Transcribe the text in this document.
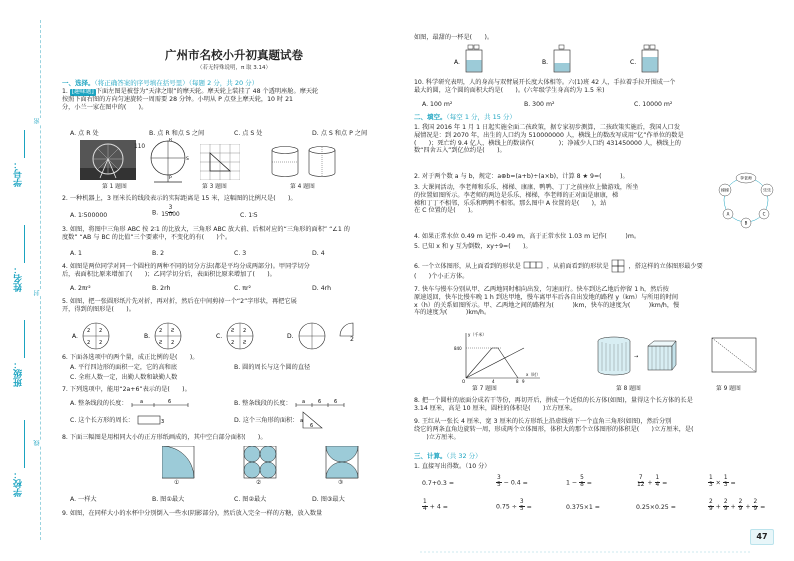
学号：
姓名：
班级：
学校：
密
封
线
广州市名校小升初真题试卷
（若无特殊说明，π 取 3.14）
一、选择。（将正确答案的序号填在括号里）（每题 2 分，共 20 分）
1. [趣味题] 下面左图是被誉为“天津之眼”的摩天轮。摩天轮上装挂了 48 个透明座舱。摩天轮
按照下面右图的方向匀速旋转一周需要 28 分钟。小明从 P 点登上摩天轮，10 时 21
分，小兰一家在图中的(　　)。
A. 点 R 处	B. 点 R 和点 S 之间	C. 点 S 处	D. 点 S 和点 P 之间
110
R
S
P
第 1 题图	第 3 题图	第 4 题图
2. 一种机器上，3 厘米长的线段表示的实际距离是 15 米，这幅图的比例尺是(　　)。
A. 1∶500000	B. $\frac{3}{15000}$	C. 1∶5
3. 如图，将图中三角形 ABC 按 2∶1 的比放大，三角形 ABC 放大前、后相对应的“三角形的面积” “∠1 的
度数” “AB 与 BC 的比值”三个要素中，不变化的有(　　)个。
A. 1	B. 2	C. 3	D. 4
4. 如图是两位同学对同一个圆柱的两种不同的切分方法(都是平均分成两部分)。甲同学切分
后，表面积比原来增加了(　　)；乙同学切分后，表面积比原来增加了(　　)。
A. 2πr²	B. 2rh	C. πr²	D. 4rh
5. 如图，把一张圆形纸片先对折，再对折，然后在中间剪掉一个“2”字形状，再把它展
开，得到的图形是(　　)。
A.
2 2
2 2
B.
2 Ƨ
Ƨ 2
C.
Ƨ 2
2 Ƨ
D.	2
6. 下面各选项中的两个量，成正比例的是(　　)。
A. 平行四边形的面积一定，它的高和底	B. 圆的周长与这个圆的直径
C. 全班人数一定，出勤人数和缺勤人数
7. 下列选项中，能用“2a+6”表示的是(　　)。
A. 整条线段的长度： a	6	B. 整条线段的长度： a	6	6
C. 这个长方形的周长：	3	D. 这个三角形的面积： a
6
8. 下面三幅图是用相同大小的正方形纸画成的，其中空白部分面积(　　)。
①	②	③
A. 一样大	B. 图①最大	C. 图②最大	D. 图③最大
9. 如图，在同样大小的水杯中分别倒入一些水(阴影部分)，然后放入完全一样的方糖，放入数量
如图，最甜的一杯是(　　)。
A.	B.	C.
10. 科学研究表明，人的身高与双臂展开长度大体相等。六(1)班 42 人，手拉着手拉开围成一个
最大的圆，这个圆的面积大约是(　　)。(六年级学生身高约为 1.5 米)
A. 100 m²	B. 300 m²	C. 10000 m²
二、填空。（每空 1 分，共 15 分）
1. 我国 2016 年 1 月 1 日起实施全面二孩政策，据专家初步测算，二孩政策实施后，我国人口发
展情况是：到 2070 年，出生的人口约为 510000000 人，横线上的数改写成用“亿”作单位的数是
(　　)；死亡约 9.4 亿人，横线上的数读作(　　　　)；净减少人口约 431450000 人，横线上的
数“四舍五入”到亿位约是(　　)。
2. 对于两个数 a 与 b，规定：a⊕b=(a+b)÷(a×b)，计算 8 ★ 9=(　　　)。
3. 大课间活动，李老师和乐乐、梯梯、康康、鸭鸭、丁丁之前座位上做游戏，所坐
的位置如图所示。李老师的两边是乐乐、梯梯，李老师的正对面是康康，梯
梯和丁丁不相邻，乐乐和鸭鸭不相邻。那么图中 A 位置的是(　　)，站
在 C 位置的是(　　)。
李老师
梯梯	乐乐
A	C
B
4. 如果正常水位 0.49 m 记作 -0.49 m，高于正常水位 1.03 m 记作(　　　)m。
5. 已知 x 和 y 互为倒数，xy÷9=(　　)。
6. 一个立体图形，从上面看到的形状是	，从前面看到的形状是	，搭这样的立体图形最少要
(　　)个小正方体。
7. 快车与慢车分别从甲、乙两地同时相向出发，匀速而行。快车到达乙地后停留 1 h，然后按
原速返回，快车比慢车晚 1 h 到达甲地，慢车离甲车后各自出发地的路程 y（km）与所用的时间
x（h）的关系如图所示。甲、乙两地之间的路程为(　　　)km，快车的速度为(　　　)km/h，慢
车的速度为(　　　)km/h。
y（千米）
840
x（时）
O	4	8 9
→
第 7 题图	第 8 题图	第 9 题图
8. 把一个圆柱的底面分成若干等份，再切开后，拼成一个近似的长方体(如图)，量得这个长方体的长是
3.14 厘米，高是 10 厘米，圆柱的体积是(　　)立方厘米。
9. 王红从一张长 4 厘米、宽 3 厘米的长方形纸上沿虚线剪下一个直角三角形(如图)，然后分别
绕它的两条直角边旋转一周，形成两个立体图形，体积大的那个立体图形的体积是(　　)立方厘米，是(
　　)立方厘米。
三、计算。（共 32 分）
1. 直接写出得数。（10 分）
0.7+0.3 =	$\frac{3}{5} - 0.4$ =	$1 - \frac{5}{8}$ =	$\frac{7}{12} + \frac{1}{4}$ =	$\frac{1}{3} \times \frac{1}{3}$ =
$\frac{1}{4} + 4$ =	$0.75 \div \frac{3}{5}$ =	0.375×1 =	0.25×0.25 =	$\frac{2}{9} + \frac{2}{9} + \frac{2}{9} + \frac{2}{9}$ =
47
